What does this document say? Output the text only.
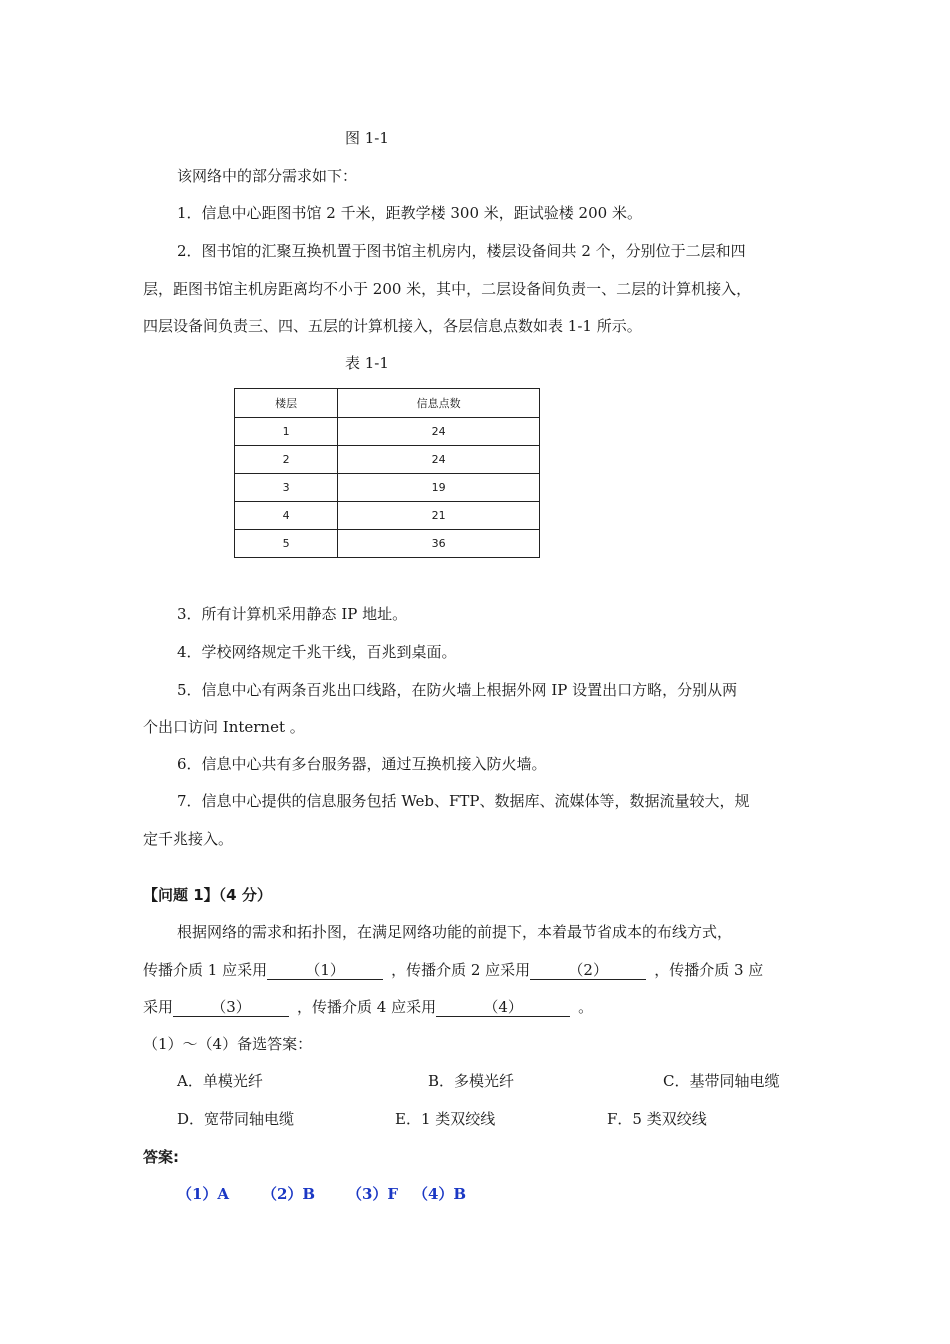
图 1-1
该网络中的部分需求如下：
1．信息中心距图书馆 2 千米，距教学楼 300 米，距试验楼 200 米。
2．图书馆的汇聚互换机置于图书馆主机房内，楼层设备间共 2 个，分别位于二层和四
层，距图书馆主机房距离均不小于 200 米，其中，二层设备间负责一、二层的计算机接入，
四层设备间负责三、四、五层的计算机接入，各层信息点数如表 1-1 所示。
表 1-1
楼层	信息点数
1	24
2	24
3	19
4	21
5	36
3．所有计算机采用静态 IP 地址。
4．学校网络规定千兆干线，百兆到桌面。
5．信息中心有两条百兆出口线路，在防火墙上根据外网 IP 设置出口方略，分别从两
个出口访问 Internet 。
6．信息中心共有多台服务器，通过互换机接入防火墙。
7．信息中心提供的信息服务包括 Web、FTP、数据库、流媒体等，数据流量较大，规
定千兆接入。
【问题 1】（4 分）
根据网络的需求和拓扑图，在满足网络功能的前提下，本着最节省成本的布线方式，
传播介质 1 应采用	（1）	，传播介质 2 应采用	（2）	，传播介质 3 应
采用	（3）	，传播介质 4 应采用	（4）	。
（1）～（4）备选答案：
A．单模光纤	B．多模光纤	C．基带同轴电缆
D．宽带同轴电缆	E．1 类双绞线	F．5 类双绞线
答案:
（1）A （2）B （3）F （4）B
